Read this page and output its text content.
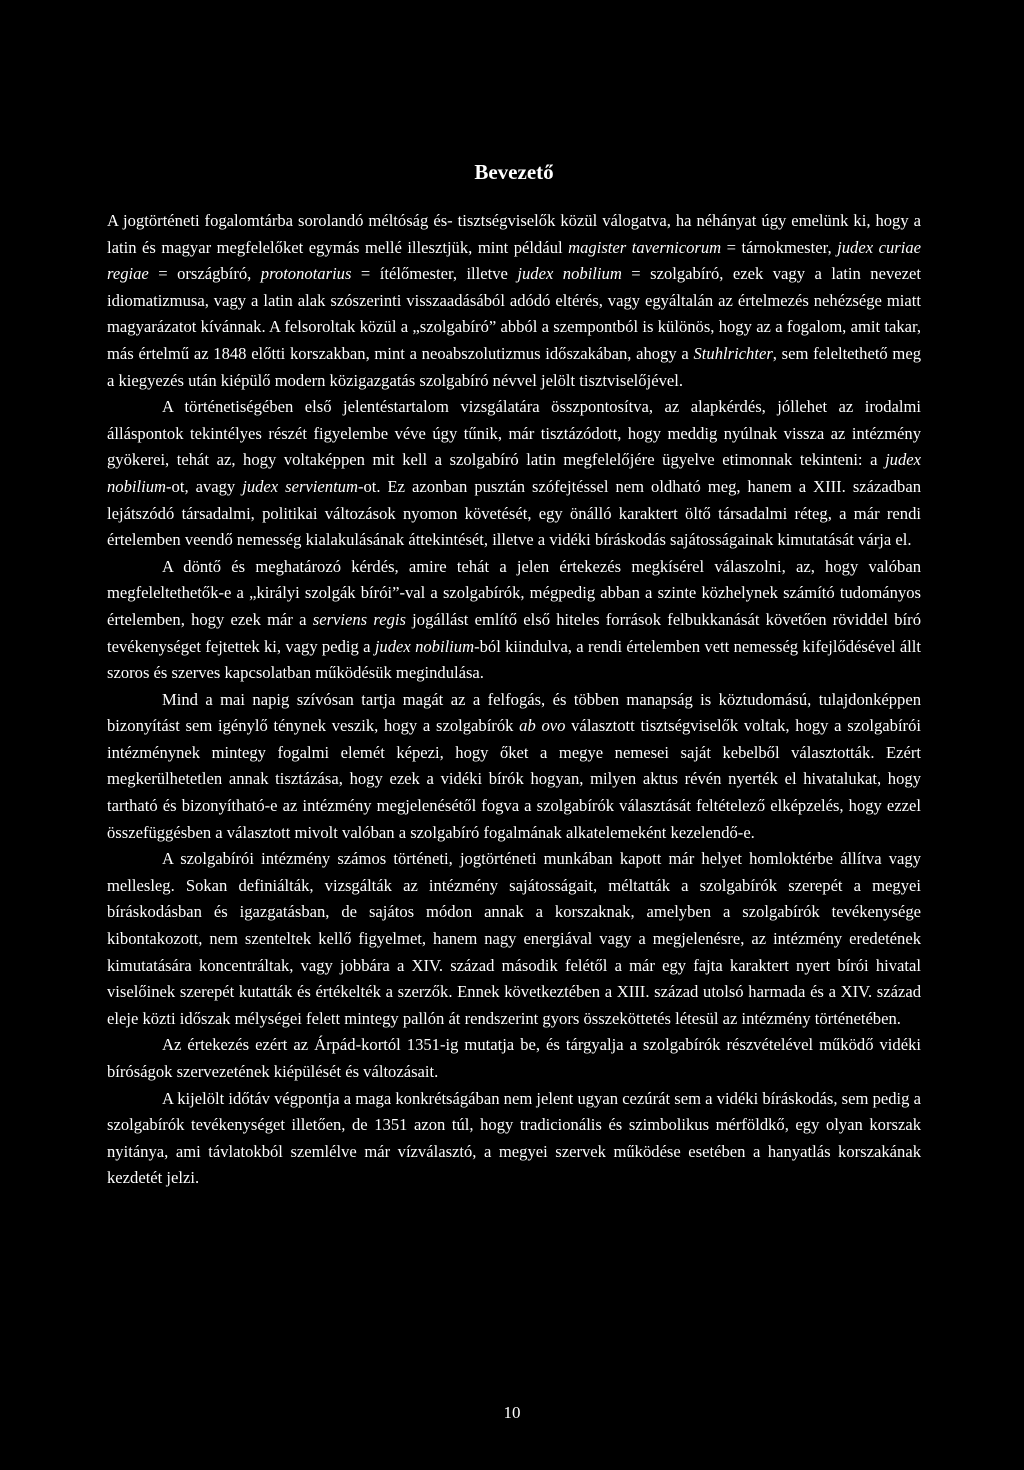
Bevezető

A jogtörténeti fogalomtárba sorolandó méltóság és- tisztségviselők közül válogatva, ha néhányat úgy emelünk ki, hogy a latin és magyar megfelelőket egymás mellé illesztjük, mint például magister tavernicorum = tárnokmester, judex curiae regiae = országbíró, protonotarius = ítélőmester, illetve judex nobilium = szolgabíró, ezek vagy a latin nevezet idiomatizmusa, vagy a latin alak szószerinti visszaadásából adódó eltérés, vagy egyáltalán az értelmezés nehézsége miatt magyarázatot kívánnak. A felsoroltak közül a „szolgabíró” abból a szempontból is különös, hogy az a fogalom, amit takar, más értelmű az 1848 előtti korszakban, mint a neoabszolutizmus időszakában, ahogy a Stuhlrichter, sem feleltethető meg a kiegyezés után kiépülő modern közigazgatás szolgabíró névvel jelölt tisztviselőjével.

A történetiségében első jelentéstartalom vizsgálatára összpontosítva, az alapkérdés, jóllehet az irodalmi álláspontok tekintélyes részét figyelembe véve úgy tűnik, már tisztázódott, hogy meddig nyúlnak vissza az intézmény gyökerei, tehát az, hogy voltaképpen mit kell a szolgabíró latin megfelelőjére ügyelve etimonnak tekinteni: a judex nobilium-ot, avagy judex servientum-ot. Ez azonban pusztán szófejtéssel nem oldható meg, hanem a XIII. században lejátszódó társadalmi, politikai változások nyomon követését, egy önálló karaktert öltő társadalmi réteg, a már rendi értelemben veendő nemesség kialakulásának áttekintését, illetve a vidéki bíráskodás sajátosságainak kimutatását várja el.

A döntő és meghatározó kérdés, amire tehát a jelen értekezés megkísérel válaszolni, az, hogy valóban megfeleltethetők-e a „királyi szolgák bírói”-val a szolgabírók, mégpedig abban a szinte közhelynek számító tudományos értelemben, hogy ezek már a serviens regis jogállást említő első hiteles források felbukkanását követően röviddel bíró tevékenységet fejtettek ki, vagy pedig a judex nobilium-ból kiindulva, a rendi értelemben vett nemesség kifejlődésével állt szoros és szerves kapcsolatban működésük megindulása.

Mind a mai napig szívósan tartja magát az a felfogás, és többen manapság is köztudomású, tulajdonképpen bizonyítást sem igénylő ténynek veszik, hogy a szolgabírók ab ovo választott tisztségviselők voltak, hogy a szolgabírói intézménynek mintegy fogalmi elemét képezi, hogy őket a megye nemesei saját kebelből választották. Ezért megkerülhetetlen annak tisztázása, hogy ezek a vidéki bírók hogyan, milyen aktus révén nyerték el hivatalukat, hogy tartható és bizonyítható-e az intézmény megjelenésétől fogva a szolgabírók választását feltételező elképzelés, hogy ezzel összefüggésben a választott mivolt valóban a szolgabíró fogalmának alkatelemeként kezelendő-e.

A szolgabírói intézmény számos történeti, jogtörténeti munkában kapott már helyet homloktérbe állítva vagy mellesleg. Sokan definiálták, vizsgálták az intézmény sajátosságait, méltatták a szolgabírók szerepét a megyei bíráskodásban és igazgatásban, de sajátos módon annak a korszaknak, amelyben a szolgabírók tevékenysége kibontakozott, nem szenteltek kellő figyelmet, hanem nagy energiával vagy a megjelenésre, az intézmény eredetének kimutatására koncentráltak, vagy jobbára a XIV. század második felétől a már egy fajta karaktert nyert bírói hivatal viselőinek szerepét kutatták és értékelték a szerzők. Ennek következtében a XIII. század utolsó harmada és a XIV. század eleje közti időszak mélységei felett mintegy pallón át rendszerint gyors összeköttetés létesül az intézmény történetében.

Az értekezés ezért az Árpád-kortól 1351-ig mutatja be, és tárgyalja a szolgabírók részvételével működő vidéki bíróságok szervezetének kiépülését és változásait.

A kijelölt időtáv végpontja a maga konkrétságában nem jelent ugyan cezúrát sem a vidéki bíráskodás, sem pedig a szolgabírók tevékenységet illetően, de 1351 azon túl, hogy tradicionális és szimbolikus mérföldkő, egy olyan korszak nyitánya, ami távlatokból szemlélve már vízválasztó, a megyei szervek működése esetében a hanyatlás korszakának kezdetét jelzi.

10
